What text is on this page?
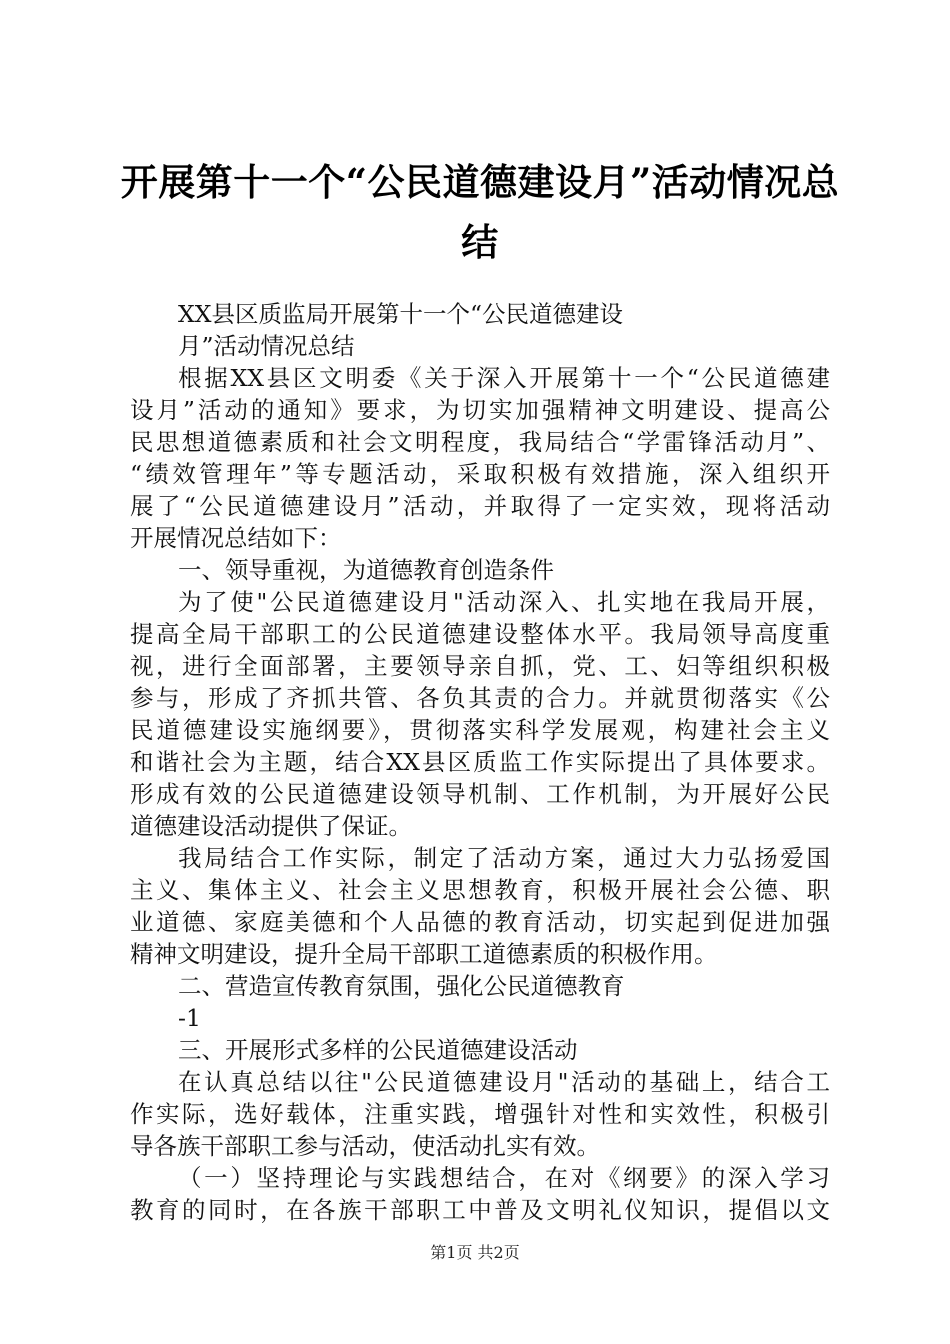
开展第十一个“公民道德建设月”活动情况总
结
XX县区质监局开展第十一个“公民道德建设
月”活动情况总结
根据XX县区文明委《关于深入开展第十一个“公民道德建
设月”活动的通知》要求，为切实加强精神文明建设、提高公
民思想道德素质和社会文明程度，我局结合“学雷锋活动月”、
“绩效管理年”等专题活动，采取积极有效措施，深入组织开
展了“公民道德建设月”活动，并取得了一定实效，现将活动
开展情况总结如下：
一、领导重视，为道德教育创造条件
为了使"公民道德建设月"活动深入、扎实地在我局开展，
提高全局干部职工的公民道德建设整体水平。我局领导高度重
视，进行全面部署，主要领导亲自抓，党、工、妇等组织积极
参与，形成了齐抓共管、各负其责的合力。并就贯彻落实《公
民道德建设实施纲要》，贯彻落实科学发展观，构建社会主义
和谐社会为主题，结合XX县区质监工作实际提出了具体要求。
形成有效的公民道德建设领导机制、工作机制，为开展好公民
道德建设活动提供了保证。
我局结合工作实际，制定了活动方案，通过大力弘扬爱国
主义、集体主义、社会主义思想教育，积极开展社会公德、职
业道德、家庭美德和个人品德的教育活动，切实起到促进加强
精神文明建设，提升全局干部职工道德素质的积极作用。
二、营造宣传教育氛围，强化公民道德教育
-1
三、开展形式多样的公民道德建设活动
在认真总结以往"公民道德建设月"活动的基础上，结合工
作实际，选好载体，注重实践，增强针对性和实效性，积极引
导各族干部职工参与活动，使活动扎实有效。
（一）坚持理论与实践想结合，在对《纲要》的深入学习
教育的同时，在各族干部职工中普及文明礼仪知识，提倡以文
第1页 共2页
